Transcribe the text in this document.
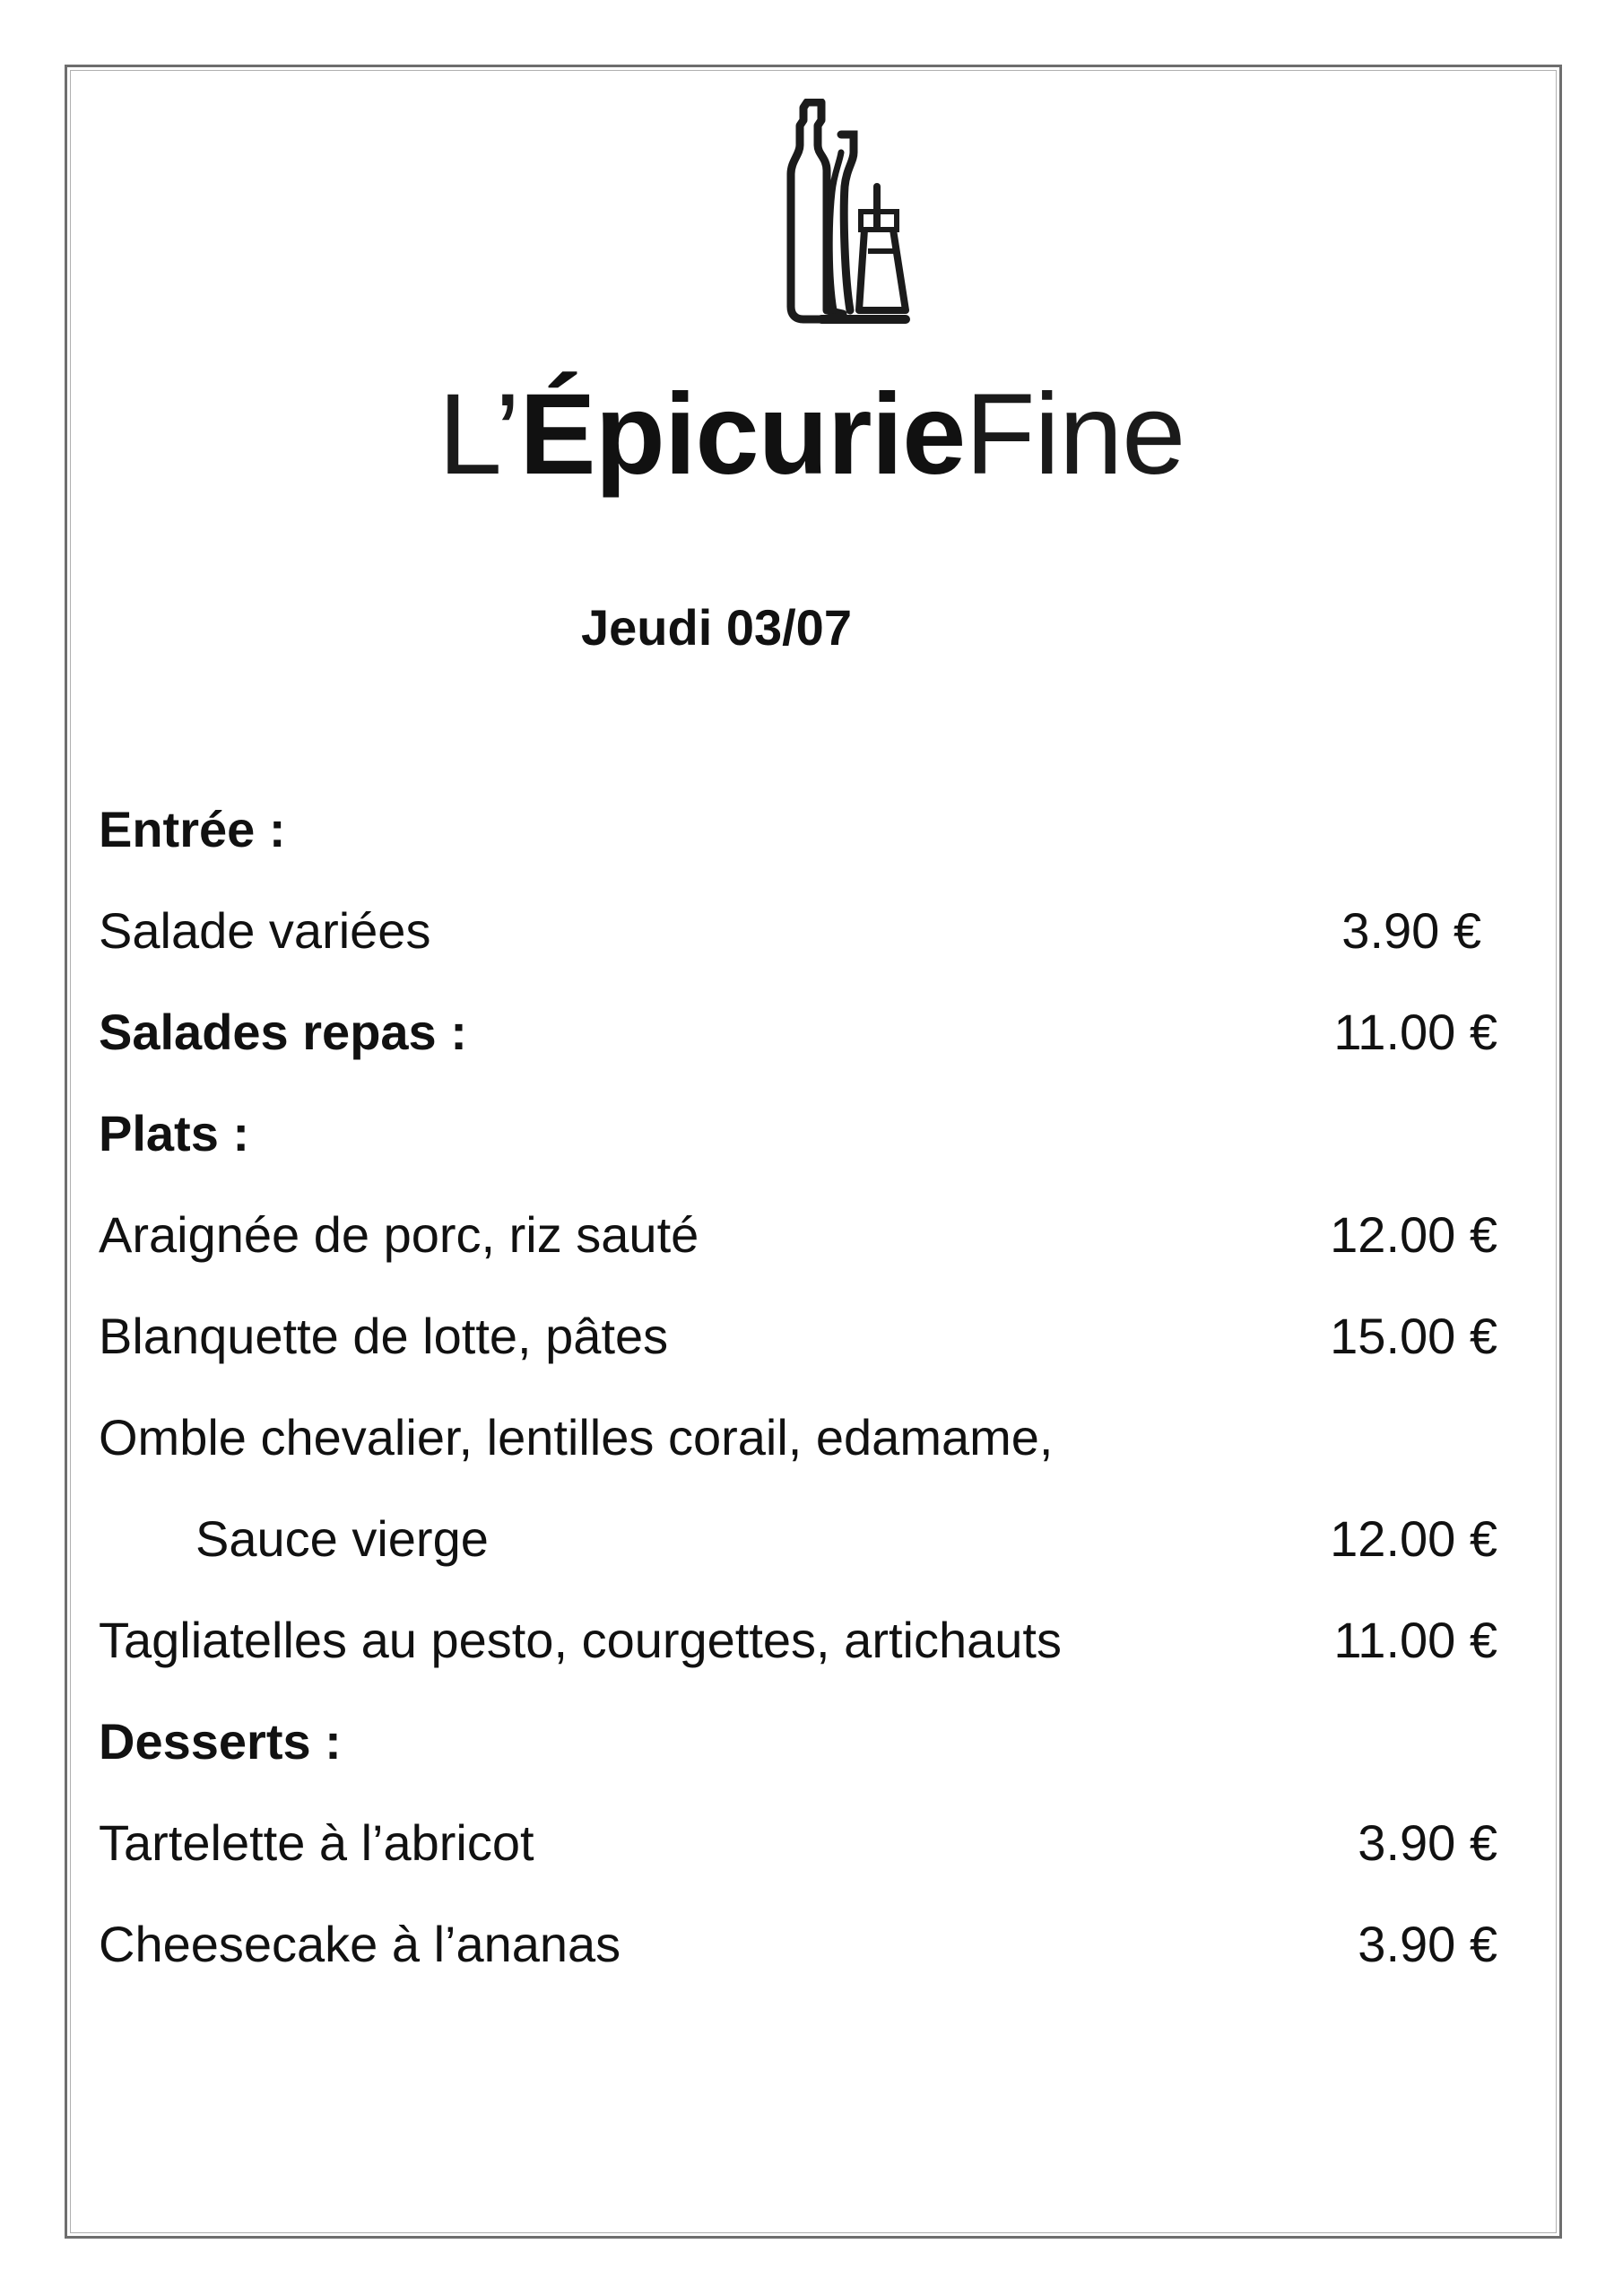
L’ÉpicurieFine
Jeudi 03/07
Entrée :
Salade variées	3.90 €
Salades repas :	11.00 €
Plats :
Araignée de porc, riz sauté	12.00 €
Blanquette de lotte, pâtes	15.00 €
Omble chevalier, lentilles corail, edamame,
Sauce vierge	12.00 €
Tagliatelles au pesto, courgettes, artichauts	11.00 €
Desserts :
Tartelette à l’abricot	3.90 €
Cheesecake à l’ananas	3.90 €
